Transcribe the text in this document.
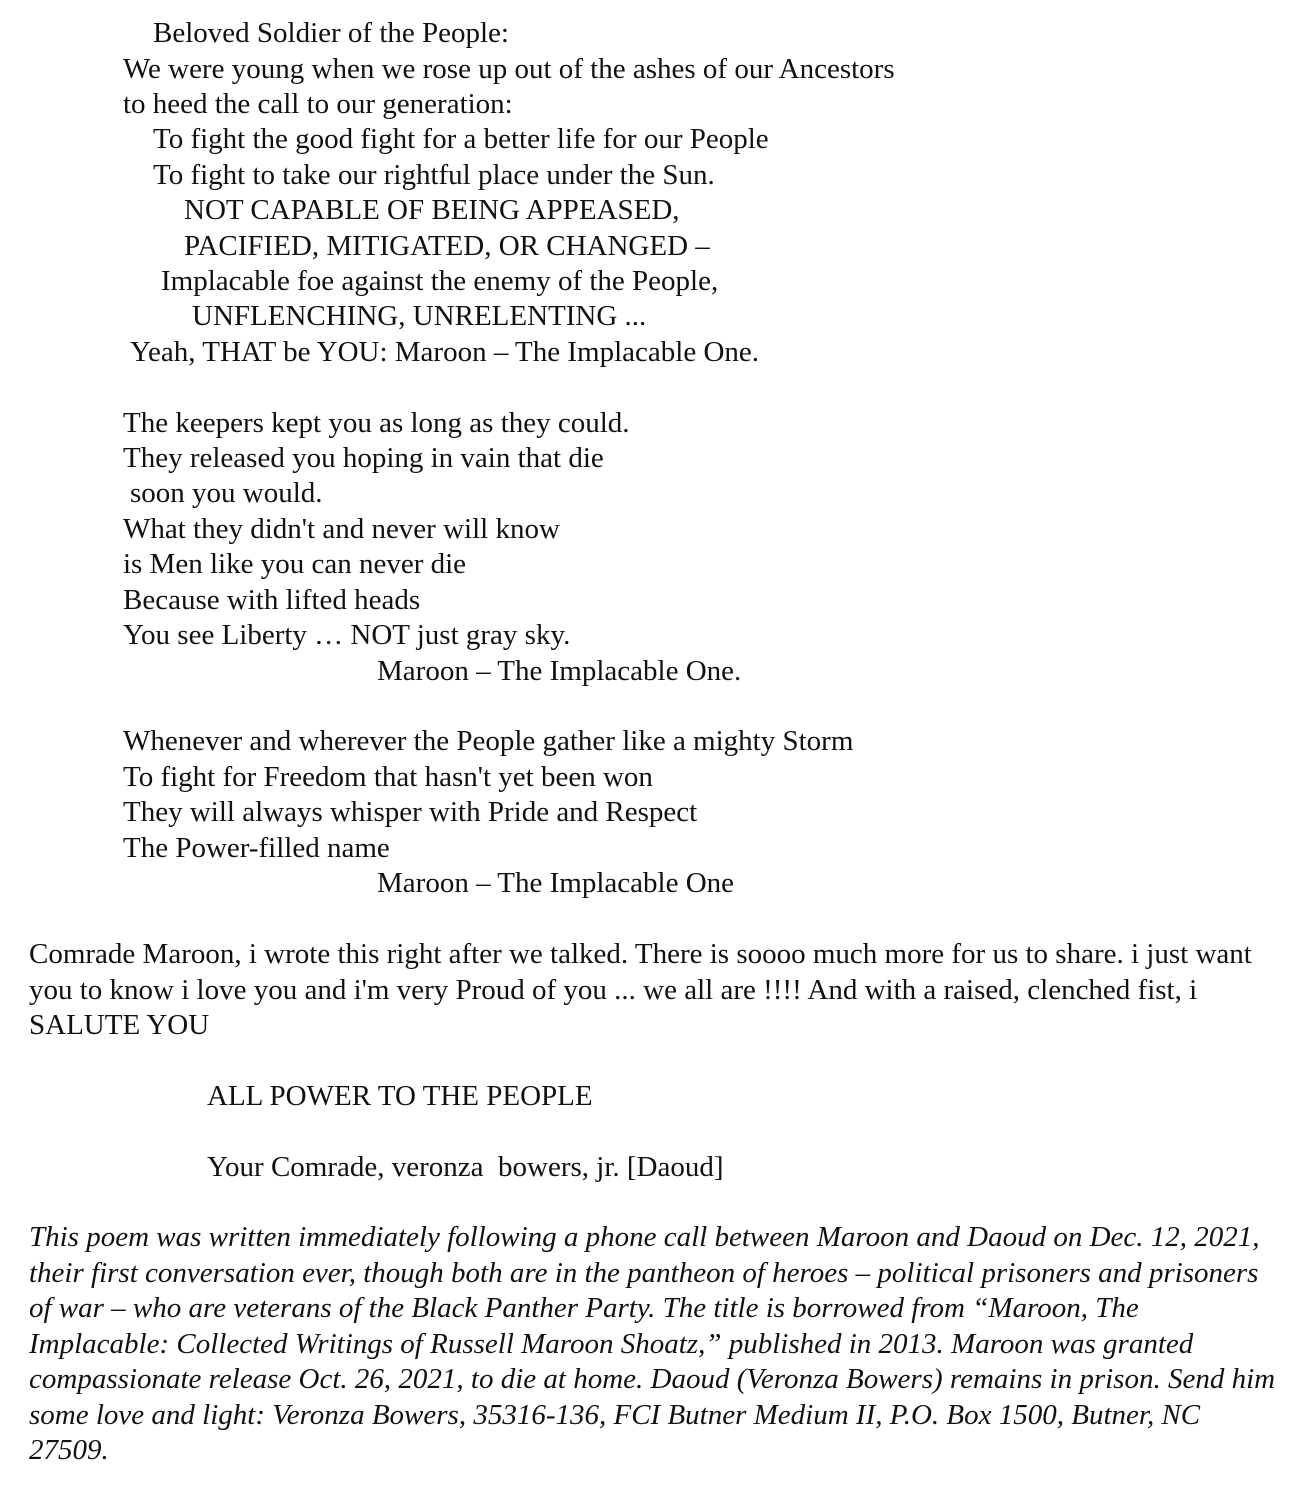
Beloved Soldier of the People:
We were young when we rose up out of the ashes of our Ancestors
to heed the call to our generation:
To fight the good fight for a better life for our People
To fight to take our rightful place under the Sun.
NOT CAPABLE OF BEING APPEASED,
PACIFIED, MITIGATED, OR CHANGED –
Implacable foe against the enemy of the People,
UNFLENCHING, UNRELENTING ...
Yeah, THAT be YOU: Maroon – The Implacable One.
The keepers kept you as long as they could.
They released you hoping in vain that die
soon you would.
What they didn't and never will know
is Men like you can never die
Because with lifted heads
You see Liberty … NOT just gray sky.
Maroon – The Implacable One.
Whenever and wherever the People gather like a mighty Storm
To fight for Freedom that hasn't yet been won
They will always whisper with Pride and Respect
The Power-filled name
Maroon – The Implacable One

Comrade Maroon, i wrote this right after we talked. There is soooo much more for us to share. i just want you to know i love you and i'm very Proud of you ... we all are !!!! And with a raised, clenched fist, i SALUTE YOU

ALL POWER TO THE PEOPLE
Your Comrade, veronza  bowers, jr. [Daoud]

This poem was written immediately following a phone call between Maroon and Daoud on Dec. 12, 2021, their first conversation ever, though both are in the pantheon of heroes – political prisoners and prisoners of war – who are veterans of the Black Panther Party. The title is borrowed from “Maroon, The Implacable: Collected Writings of Russell Maroon Shoatz,” published in 2013. Maroon was granted compassionate release Oct. 26, 2021, to die at home. Daoud (Veronza Bowers) remains in prison. Send him some love and light: Veronza Bowers, 35316-136, FCI Butner Medium II, P.O. Box 1500, Butner, NC 27509.
